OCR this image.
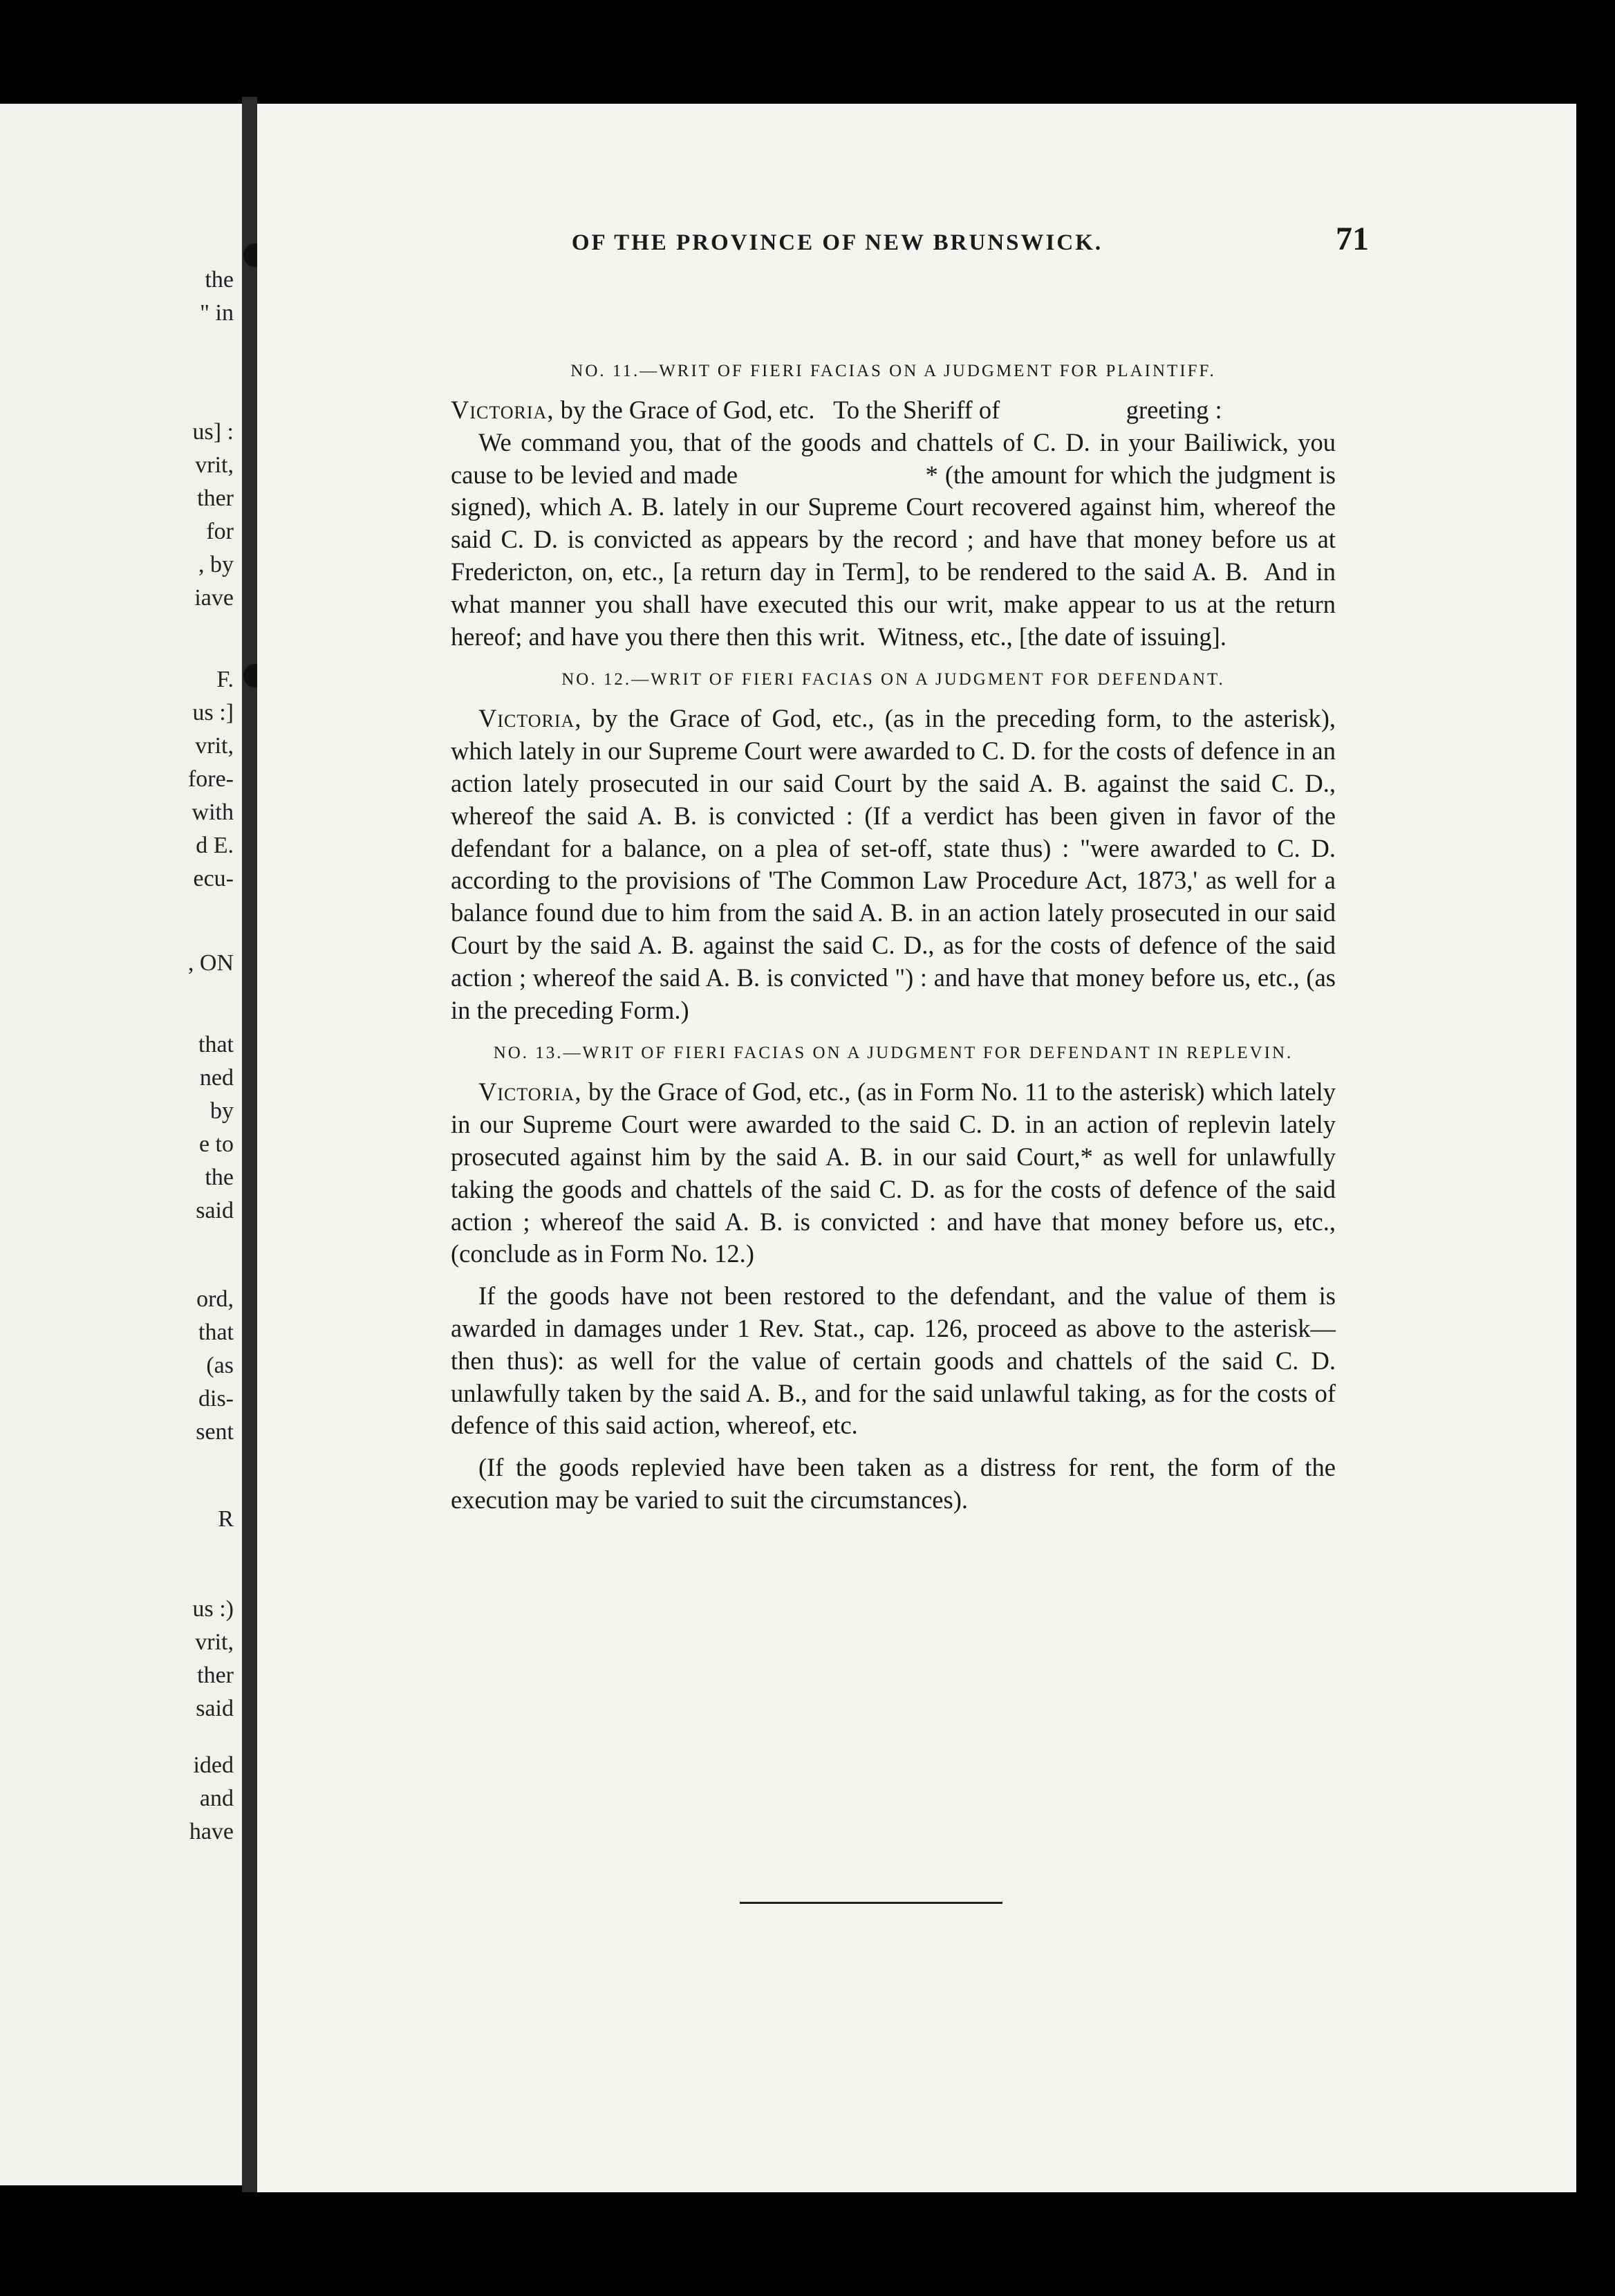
the
" in
us] :
vrit,
ther
for
, by
iave
F.
us :]
vrit,
fore-
with
d E.
ecu-
, ON
that
ned
by
e to
the
said
ord,
that
(as
dis-
sent
R
us :)
vrit,
ther
said
ided
and
have
OF THE PROVINCE OF NEW BRUNSWICK.	71
NO. 11.—WRIT OF FIERI FACIAS ON A JUDGMENT FOR PLAINTIFF.

Victoria, by the Grace of God, etc.   To the Sheriff of                    greeting :

We command you, that of the goods and chattels of C. D. in your Bailiwick, you cause to be levied and made                           * (the amount for which the judgment is signed), which A. B. lately in our Supreme Court recovered against him, whereof the said C. D. is convicted as appears by the record ; and have that money before us at Fredericton, on, etc., [a return day in Term], to be rendered to the said A. B.  And in what manner you shall have executed this our writ, make appear to us at the return hereof; and have you there then this writ.  Witness, etc., [the date of issuing].

NO. 12.—WRIT OF FIERI FACIAS ON A JUDGMENT FOR DEFENDANT.

Victoria, by the Grace of God, etc., (as in the preceding form, to the asterisk), which lately in our Supreme Court were awarded to C. D. for the costs of defence in an action lately prosecuted in our said Court by the said A. B. against the said C. D., whereof the said A. B. is convicted : (If a verdict has been given in favor of the defendant for a balance, on a plea of set-off, state thus) : "were awarded to C. D. according to the provisions of 'The Common Law Procedure Act, 1873,' as well for a balance found due to him from the said A. B. in an action lately prosecuted in our said Court by the said A. B. against the said C. D., as for the costs of defence of the said action ; whereof the said A. B. is convicted ") : and have that money before us, etc., (as in the preceding Form.)

NO. 13.—WRIT OF FIERI FACIAS ON A JUDGMENT FOR DEFENDANT IN REPLEVIN.

Victoria, by the Grace of God, etc., (as in Form No. 11 to the asterisk) which lately in our Supreme Court were awarded to the said C. D. in an action of replevin lately prosecuted against him by the said A. B. in our said Court,* as well for unlawfully taking the goods and chattels of the said C. D. as for the costs of defence of the said action ; whereof the said A. B. is convicted : and have that money before us, etc., (conclude as in Form No. 12.)

If the goods have not been restored to the defendant, and the value of them is awarded in damages under 1 Rev. Stat., cap. 126, proceed as above to the asterisk—then thus): as well for the value of certain goods and chattels of the said C. D. unlawfully taken by the said A. B., and for the said unlawful taking, as for the costs of defence of this said action, whereof, etc.

(If the goods replevied have been taken as a distress for rent, the form of the execution may be varied to suit the circumstances).
